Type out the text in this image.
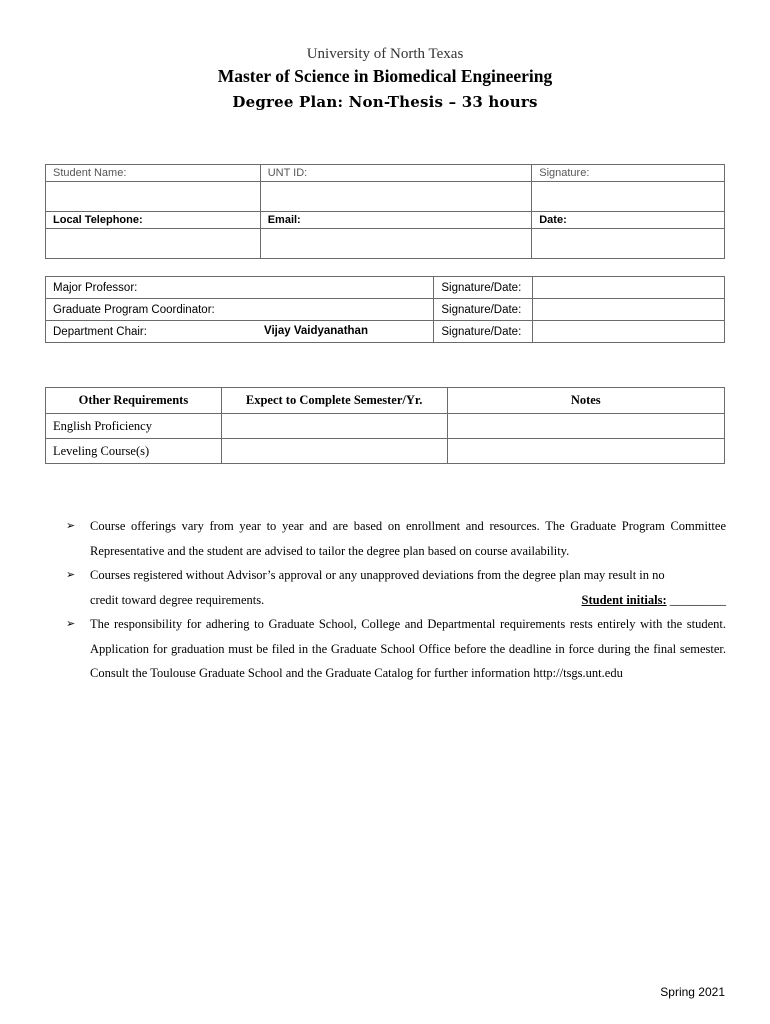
University of North Texas
Master of Science in Biomedical Engineering
Degree Plan: Non-Thesis – 33 hours
Student Name:	UNT ID:	Signature:

Local Telephone:	Email:	Date:

Major Professor:	Signature/Date:	
Graduate Program Coordinator:	Signature/Date:	
Department Chair: Vijay Vaidyanathan	Signature/Date:	
Other Requirements	Expect to Complete Semester/Yr.	Notes
English Proficiency		
Leveling Course(s)		
➢ Course offerings vary from year to year and are based on enrollment and resources. The Graduate Program Committee Representative and the student are advised to tailor the degree plan based on course availability.
➢ Courses registered without Advisor’s approval or any unapproved deviations from the degree plan may result in no
credit toward degree requirements.	Student initials: _________
➢ The responsibility for adhering to Graduate School, College and Departmental requirements rests entirely with the student. Application for graduation must be filed in the Graduate School Office before the deadline in force during the final semester. Consult the Toulouse Graduate School and the Graduate Catalog for further information http://tsgs.unt.edu
Spring 2021
